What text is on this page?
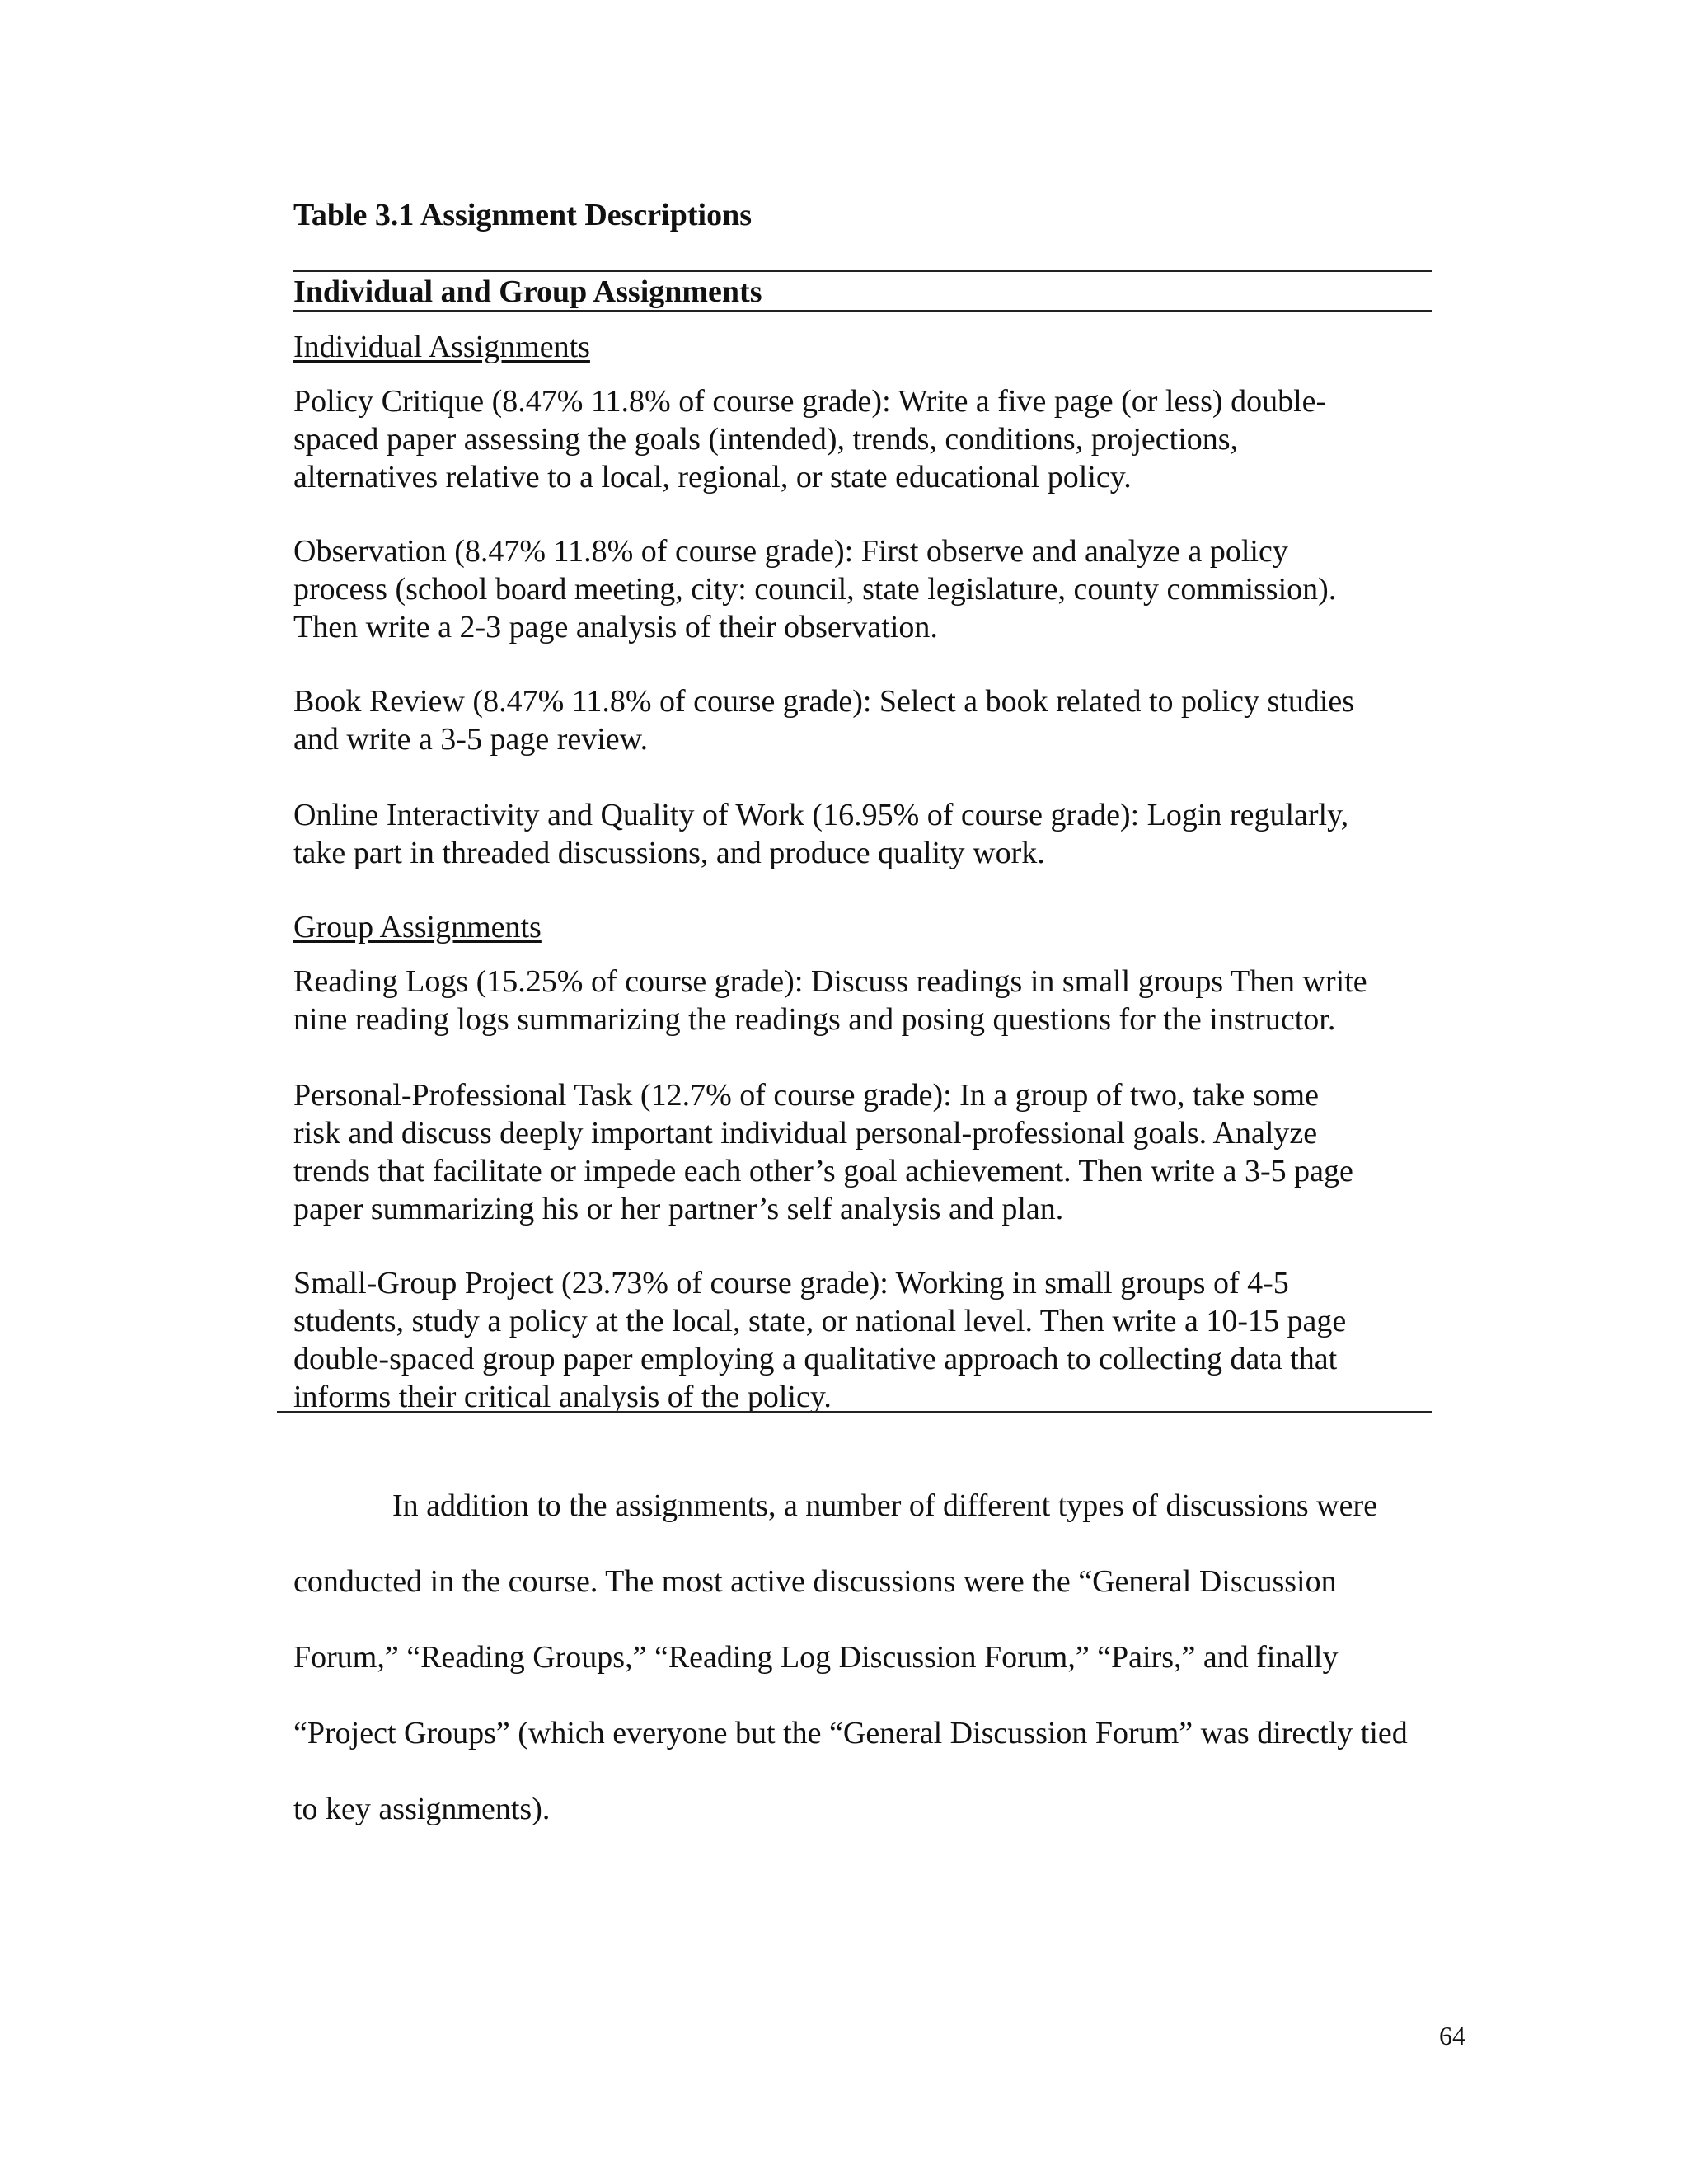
Table 3.1 Assignment Descriptions
Individual and Group Assignments
Individual Assignments
Policy Critique (8.47% 11.8% of course grade): Write a five page (or less) double-
spaced paper assessing the goals (intended), trends, conditions, projections,
alternatives relative to a local, regional, or state educational policy.
Observation (8.47% 11.8% of course grade): First observe and analyze a policy
process (school board meeting, city: council, state legislature, county commission).
Then write a 2-3 page analysis of their observation.
Book Review (8.47% 11.8% of course grade): Select a book related to policy studies
and write a 3-5 page review.
Online Interactivity and Quality of Work (16.95% of course grade): Login regularly,
take part in threaded discussions, and produce quality work.
Group Assignments
Reading Logs (15.25% of course grade): Discuss readings in small groups Then write
nine reading logs summarizing the readings and posing questions for the instructor.
Personal-Professional Task (12.7% of course grade): In a group of two, take some
risk and discuss deeply important individual personal-professional goals. Analyze
trends that facilitate or impede each other’s goal achievement. Then write a 3-5 page
paper summarizing his or her partner’s self analysis and plan.
Small-Group Project (23.73% of course grade): Working in small groups of 4-5
students, study a policy at the local, state, or national level. Then write a 10-15 page
double-spaced group paper employing a qualitative approach to collecting data that
informs their critical analysis of the policy.
In addition to the assignments, a number of different types of discussions were
conducted in the course. The most active discussions were the “General Discussion
Forum,” “Reading Groups,” “Reading Log Discussion Forum,” “Pairs,” and finally
“Project Groups” (which everyone but the “General Discussion Forum” was directly tied
to key assignments).
64
